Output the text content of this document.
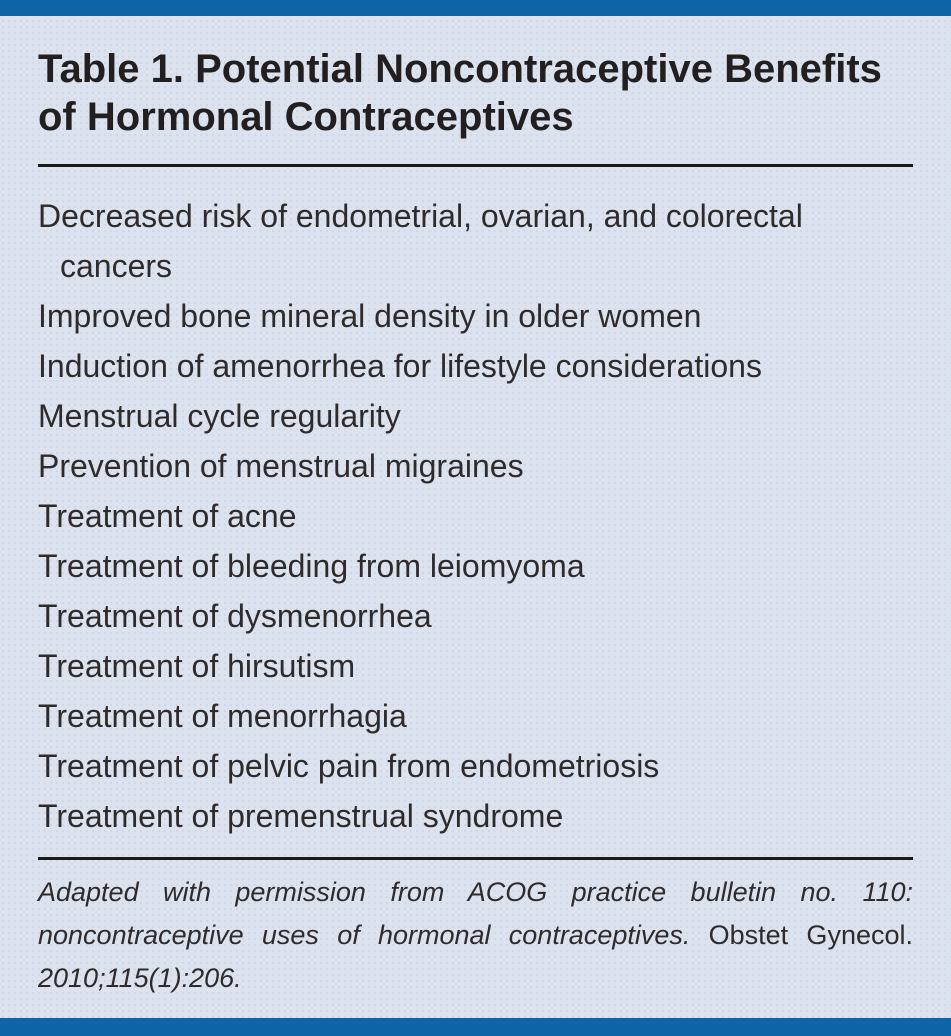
Table 1. Potential Noncontraceptive Benefits of Hormonal Contraceptives
Decreased risk of endometrial, ovarian, and colorectal cancers
Improved bone mineral density in older women
Induction of amenorrhea for lifestyle considerations
Menstrual cycle regularity
Prevention of menstrual migraines
Treatment of acne
Treatment of bleeding from leiomyoma
Treatment of dysmenorrhea
Treatment of hirsutism
Treatment of menorrhagia
Treatment of pelvic pain from endometriosis
Treatment of premenstrual syndrome

Adapted with permission from ACOG practice bulletin no. 110: noncontraceptive uses of hormonal contraceptives. Obstet Gynecol. 2010;115(1):206.
